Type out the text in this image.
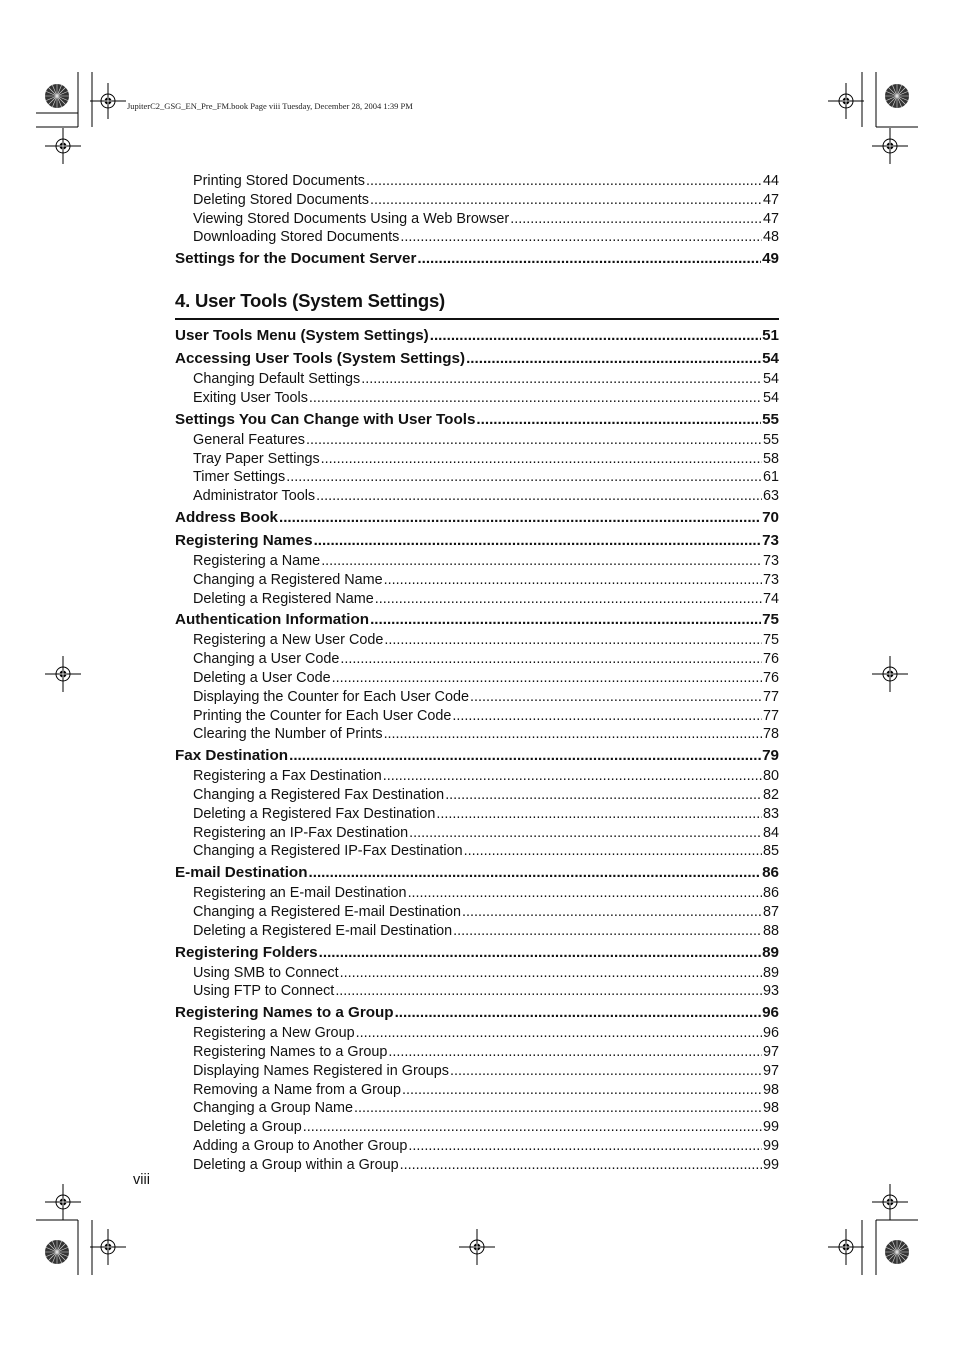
JupiterC2_GSG_EN_Pre_FM.book Page viii Tuesday, December 28, 2004 1:39 PM
Printing Stored Documents .....	44
Deleting Stored Documents .....	47
Viewing Stored Documents Using a Web Browser .....	47
Downloading Stored Documents .....	48
Settings for the Document Server .....	49
4. User Tools (System Settings)
User Tools Menu (System Settings) .....	51
Accessing User Tools (System Settings) .....	54
Changing Default Settings .....	54
Exiting User Tools .....	54
Settings You Can Change with User Tools .....	55
General Features .....	55
Tray Paper Settings .....	58
Timer Settings .....	61
Administrator Tools .....	63
Address Book .....	70
Registering Names .....	73
Registering a Name .....	73
Changing a Registered Name .....	73
Deleting a Registered Name .....	74
Authentication Information .....	75
Registering a New User Code .....	75
Changing a User Code .....	76
Deleting a User Code .....	76
Displaying the Counter for Each User Code .....	77
Printing the Counter for Each User Code .....	77
Clearing the Number of Prints .....	78
Fax Destination .....	79
Registering a Fax Destination .....	80
Changing a Registered Fax Destination .....	82
Deleting a Registered Fax Destination .....	83
Registering an IP-Fax Destination .....	84
Changing a Registered IP-Fax Destination .....	85
E-mail Destination .....	86
Registering an E-mail Destination .....	86
Changing a Registered E-mail Destination .....	87
Deleting a Registered E-mail Destination .....	88
Registering Folders .....	89
Using SMB to Connect .....	89
Using FTP to Connect .....	93
Registering Names to a Group .....	96
Registering a New Group .....	96
Registering Names to a Group .....	97
Displaying Names Registered in Groups .....	97
Removing a Name from a Group .....	98
Changing a Group Name .....	98
Deleting a Group .....	99
Adding a Group to Another Group .....	99
Deleting a Group within a Group .....	99
viii
